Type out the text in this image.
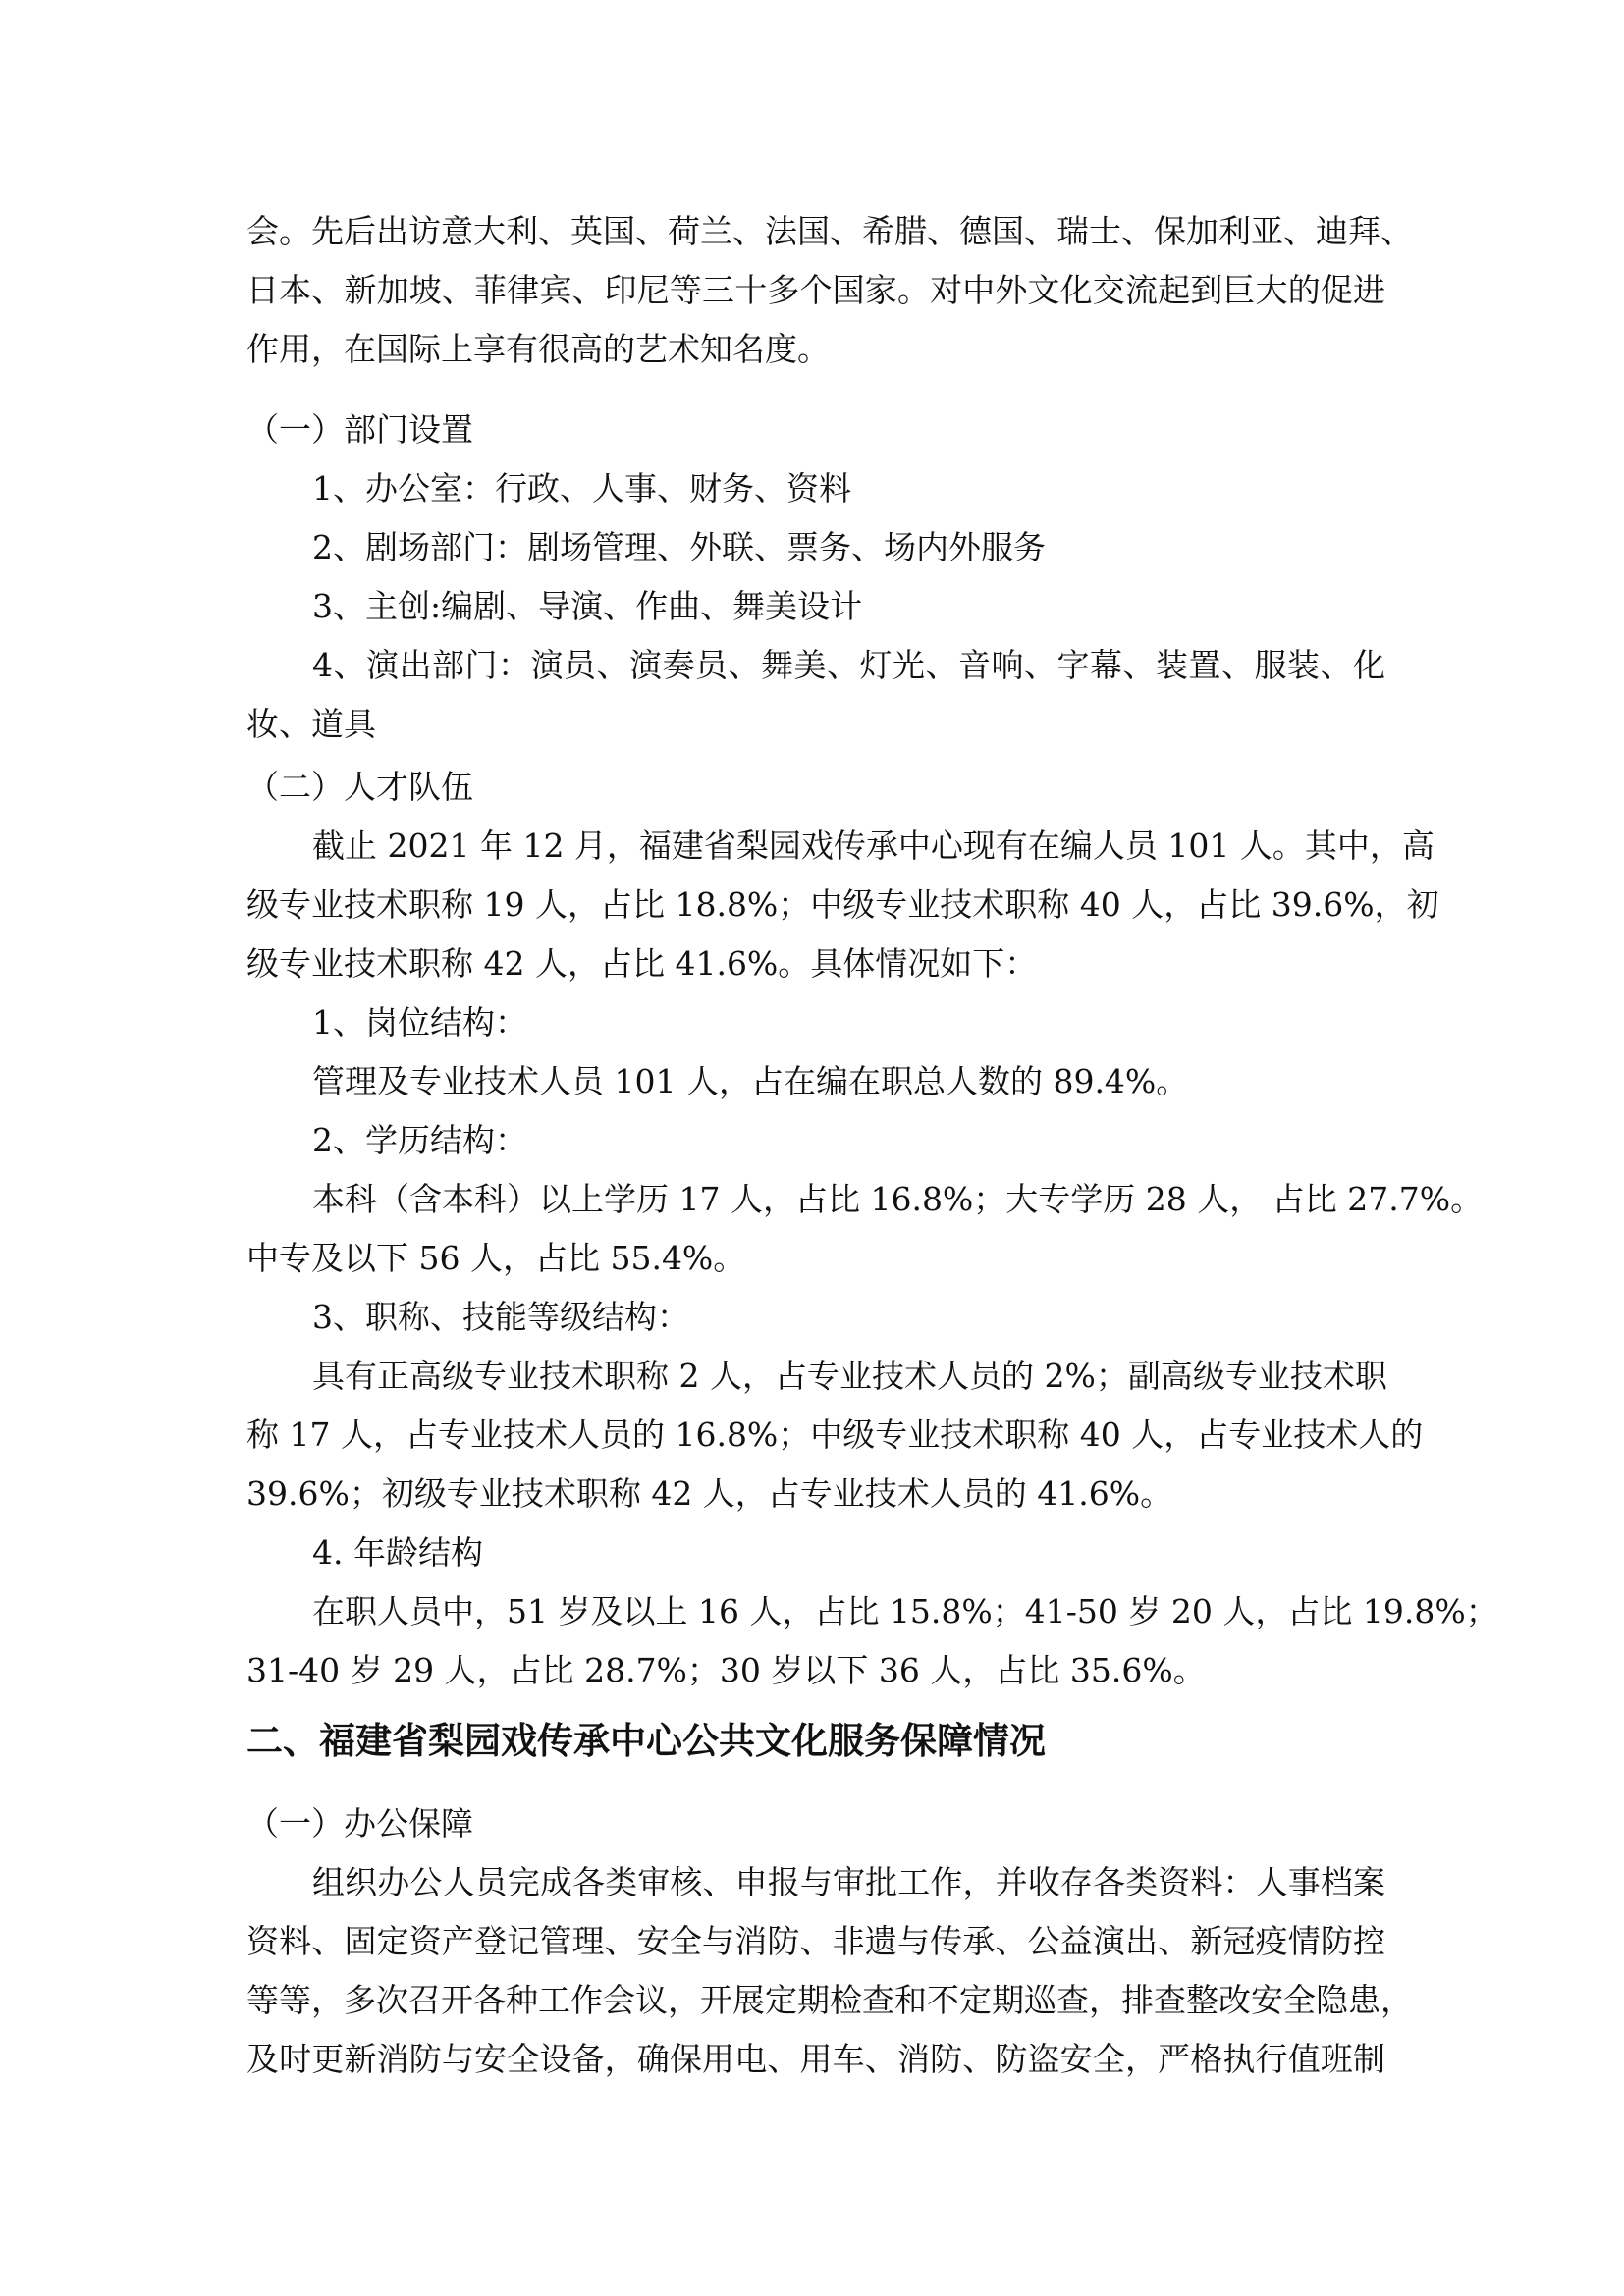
会。先后出访意大利、英国、荷兰、法国、希腊、德国、瑞士、保加利亚、迪拜、
日本、新加坡、菲律宾、印尼等三十多个国家。对中外文化交流起到巨大的促进
作用，在国际上享有很高的艺术知名度。
（一）部门设置
1、办公室：行政、人事、财务、资料
2、剧场部门：剧场管理、外联、票务、场内外服务
3、主创:编剧、导演、作曲、舞美设计
4、演出部门：演员、演奏员、舞美、灯光、音响、字幕、装置、服装、化
妆、道具
（二）人才队伍
截止 2021 年 12 月，福建省梨园戏传承中心现有在编人员 101 人。其中，高
级专业技术职称 19 人，占比 18.8%；中级专业技术职称 40 人，占比 39.6%，初
级专业技术职称 42 人，占比 41.6%。具体情况如下：
1、岗位结构：
管理及专业技术人员 101 人，占在编在职总人数的 89.4%。
2、学历结构：
本科（含本科）以上学历 17 人，占比 16.8%；大专学历 28 人， 占比 27.7%。
中专及以下 56 人，占比 55.4%。
3、职称、技能等级结构：
具有正高级专业技术职称 2 人，占专业技术人员的 2%；副高级专业技术职
称 17 人，占专业技术人员的 16.8%；中级专业技术职称 40 人，占专业技术人的
39.6%；初级专业技术职称 42 人，占专业技术人员的 41.6%。
4. 年龄结构
在职人员中，51 岁及以上 16 人，占比 15.8%；41-50 岁 20 人，占比 19.8%；
31-40 岁 29 人，占比 28.7%；30 岁以下 36 人，占比 35.6%。
二、福建省梨园戏传承中心公共文化服务保障情况
（一）办公保障
组织办公人员完成各类审核、申报与审批工作，并收存各类资料：人事档案
资料、固定资产登记管理、安全与消防、非遗与传承、公益演出、新冠疫情防控
等等，多次召开各种工作会议，开展定期检查和不定期巡查，排查整改安全隐患，
及时更新消防与安全设备，确保用电、用车、消防、防盗安全，严格执行值班制
